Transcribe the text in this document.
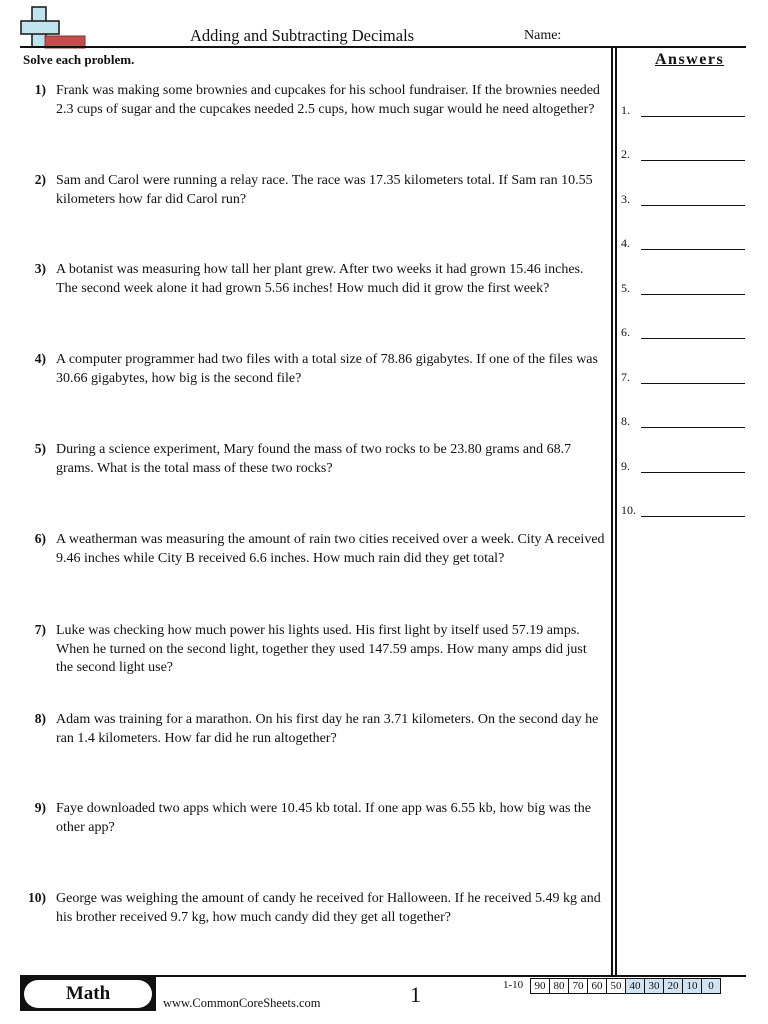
Adding and Subtracting Decimals	Name:
Solve each problem.	Answers
1) Frank was making some brownies and cupcakes for his school fundraiser. If the brownies needed 2.3 cups of sugar and the cupcakes needed 2.5 cups, how much sugar would he need altogether?
2) Sam and Carol were running a relay race. The race was 17.35 kilometers total. If Sam ran 10.55 kilometers how far did Carol run?
3) A botanist was measuring how tall her plant grew. After two weeks it had grown 15.46 inches. The second week alone it had grown 5.56 inches! How much did it grow the first week?
4) A computer programmer had two files with a total size of 78.86 gigabytes. If one of the files was 30.66 gigabytes, how big is the second file?
5) During a science experiment, Mary found the mass of two rocks to be 23.80 grams and 68.7 grams. What is the total mass of these two rocks?
6) A weatherman was measuring the amount of rain two cities received over a week. City A received 9.46 inches while City B received 6.6 inches. How much rain did they get total?
7) Luke was checking how much power his lights used. His first light by itself used 57.19 amps. When he turned on the second light, together they used 147.59 amps. How many amps did just the second light use?
8) Adam was training for a marathon. On his first day he ran 3.71 kilometers. On the second day he ran 1.4 kilometers. How far did he run altogether?
9) Faye downloaded two apps which were 10.45 kb total. If one app was 6.55 kb, how big was the other app?
10) George was weighing the amount of candy he received for Halloween. If he received 5.49 kg and his brother received 9.7 kg, how much candy did they get all together?
1.
2.
3.
4.
5.
6.
7.
8.
9.
10.
Math	www.CommonCoreSheets.com	1	1-10	90 80 70 60 50 40 30 20 10 0
